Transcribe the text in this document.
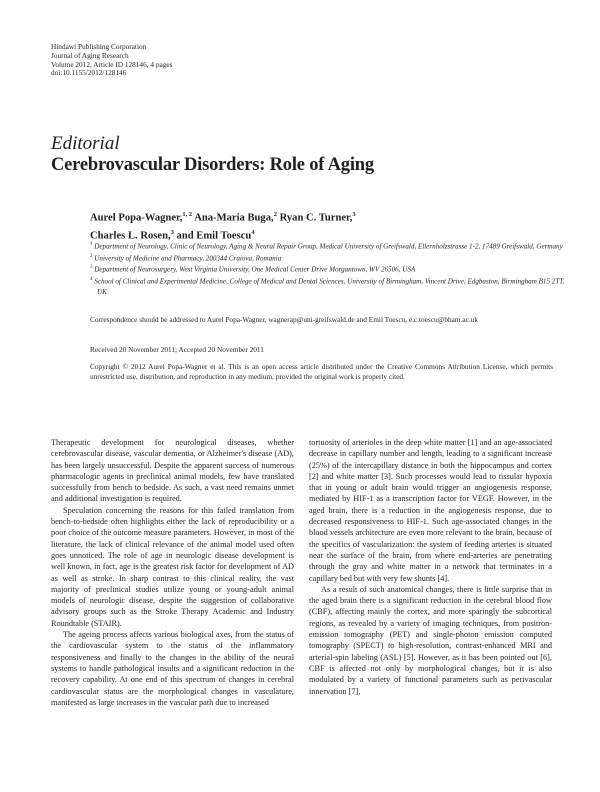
Hindawi Publishing Corporation
Journal of Aging Research
Volume 2012, Article ID 128146, 4 pages
doi:10.1155/2012/128146
Editorial
Cerebrovascular Disorders: Role of Aging
Aurel Popa-Wagner,$^{1, 2}$ Ana-Maria Buga,$^2$ Ryan C. Turner,$^3$
Charles L. Rosen,$^3$ and Emil Toescu$^4$
$^1$ Department of Neurology, Clinic of Neurology, Aging & Neural Repair Group, Medical University of Greifswald, Ellernholzstrasse 1-2, 17489 Greifswald, Germany
$^2$ University of Medicine and Pharmacy, 200344 Craiova, Romania
$^3$ Department of Neurosurgery, West Virginia University, One Medical Center Drive Morgantown, WV 26506, USA
$^4$ School of Clinical and Experimental Medicine, College of Medical and Dental Sciences, University of Birmingham, Vincent Drive, Edgbaston, Birmingham B15 2TT, UK
Correspondence should be addressed to Aurel Popa-Wagner, wagnerap@uni-greifswald.de and Emil Toescu, e.c.toescu@bham.ac.uk
Received 20 November 2011; Accepted 20 November 2011
Copyright © 2012 Aurel Popa-Wagner et al. This is an open access article distributed under the Creative Commons Attribution License, which permits unrestricted use, distribution, and reproduction in any medium, provided the original work is properly cited.

Therapeutic development for neurological diseases, whether cerebrovascular disease, vascular dementia, or Alzheimer's disease (AD), has been largely unsuccessful. Despite the apparent success of numerous pharmacologic agents in preclinical animal models, few have translated successfully from bench to bedside. As such, a vast need remains unmet and additional investigation is required.

Speculation concerning the reasons for this failed translation from bench-to-bedside often highlights either the lack of reproducibility or a poor choice of the outcome measure parameters. However, in most of the literature, the lack of clinical relevance of the animal model used often goes unnoticed. The role of age in neurologic disease development is well known, in fact, age is the greatest risk factor for development of AD as well as stroke. In sharp contrast to this clinical reality, the vast majority of preclinical studies utilize young or young-adult animal models of neurologic disease, despite the suggestion of collaborative advisory groups such as the Stroke Therapy Academic and Industry Roundtable (STAIR).

The ageing process affects various biological axes, from the status of the cardiovascular system to the status of the inflammatory responsiveness and finally to the changes in the ability of the neural systems to handle pathological insults and a significant reduction in the recovery capability. At one end of this spectrum of changes in cerebral cardiovascular status are the morphological changes in vasculature, manifested as large increases in the vascular path due to increased

tortuosity of arterioles in the deep white matter [1] and an age-associated decrease in capillary number and length, leading to a significant increase (25%) of the intercapillary distance in both the hippocampus and cortex [2] and white matter [3]. Such processes would lead to tissular hypoxia that in young or adult brain would trigger an angiogenesis response, mediated by HIF-1 as a transcription factor for VEGF. However, in the aged brain, there is a reduction in the angiogenesis response, due to decreased responsiveness to HIF-1. Such age-associated changes in the blood vessels architecture are even more relevant to the brain, because of the specifics of vascularization: the system of feeding arteries is situated near the surface of the brain, from where end-arteries are penetrating through the gray and white matter in a network that terminates in a capillary bed but with very few shunts [4].

As a result of such anatomical changes, there is little surprise that in the aged brain there is a significant reduction in the cerebral blood flow (CBF), affecting mainly the cortex, and more sparingly the subcortical regions, as revealed by a variety of imaging techniques, from positron-emission tomography (PET) and single-photon emission computed tomography (SPECT) to high-resolution, contrast-enhanced MRI and arterial-spin labeling (ASL) [5]. However, as it has been pointed out [6], CBF is affected not only by morphological changes, but it is also modulated by a variety of functional parameters such as perivascular innervation [7],
